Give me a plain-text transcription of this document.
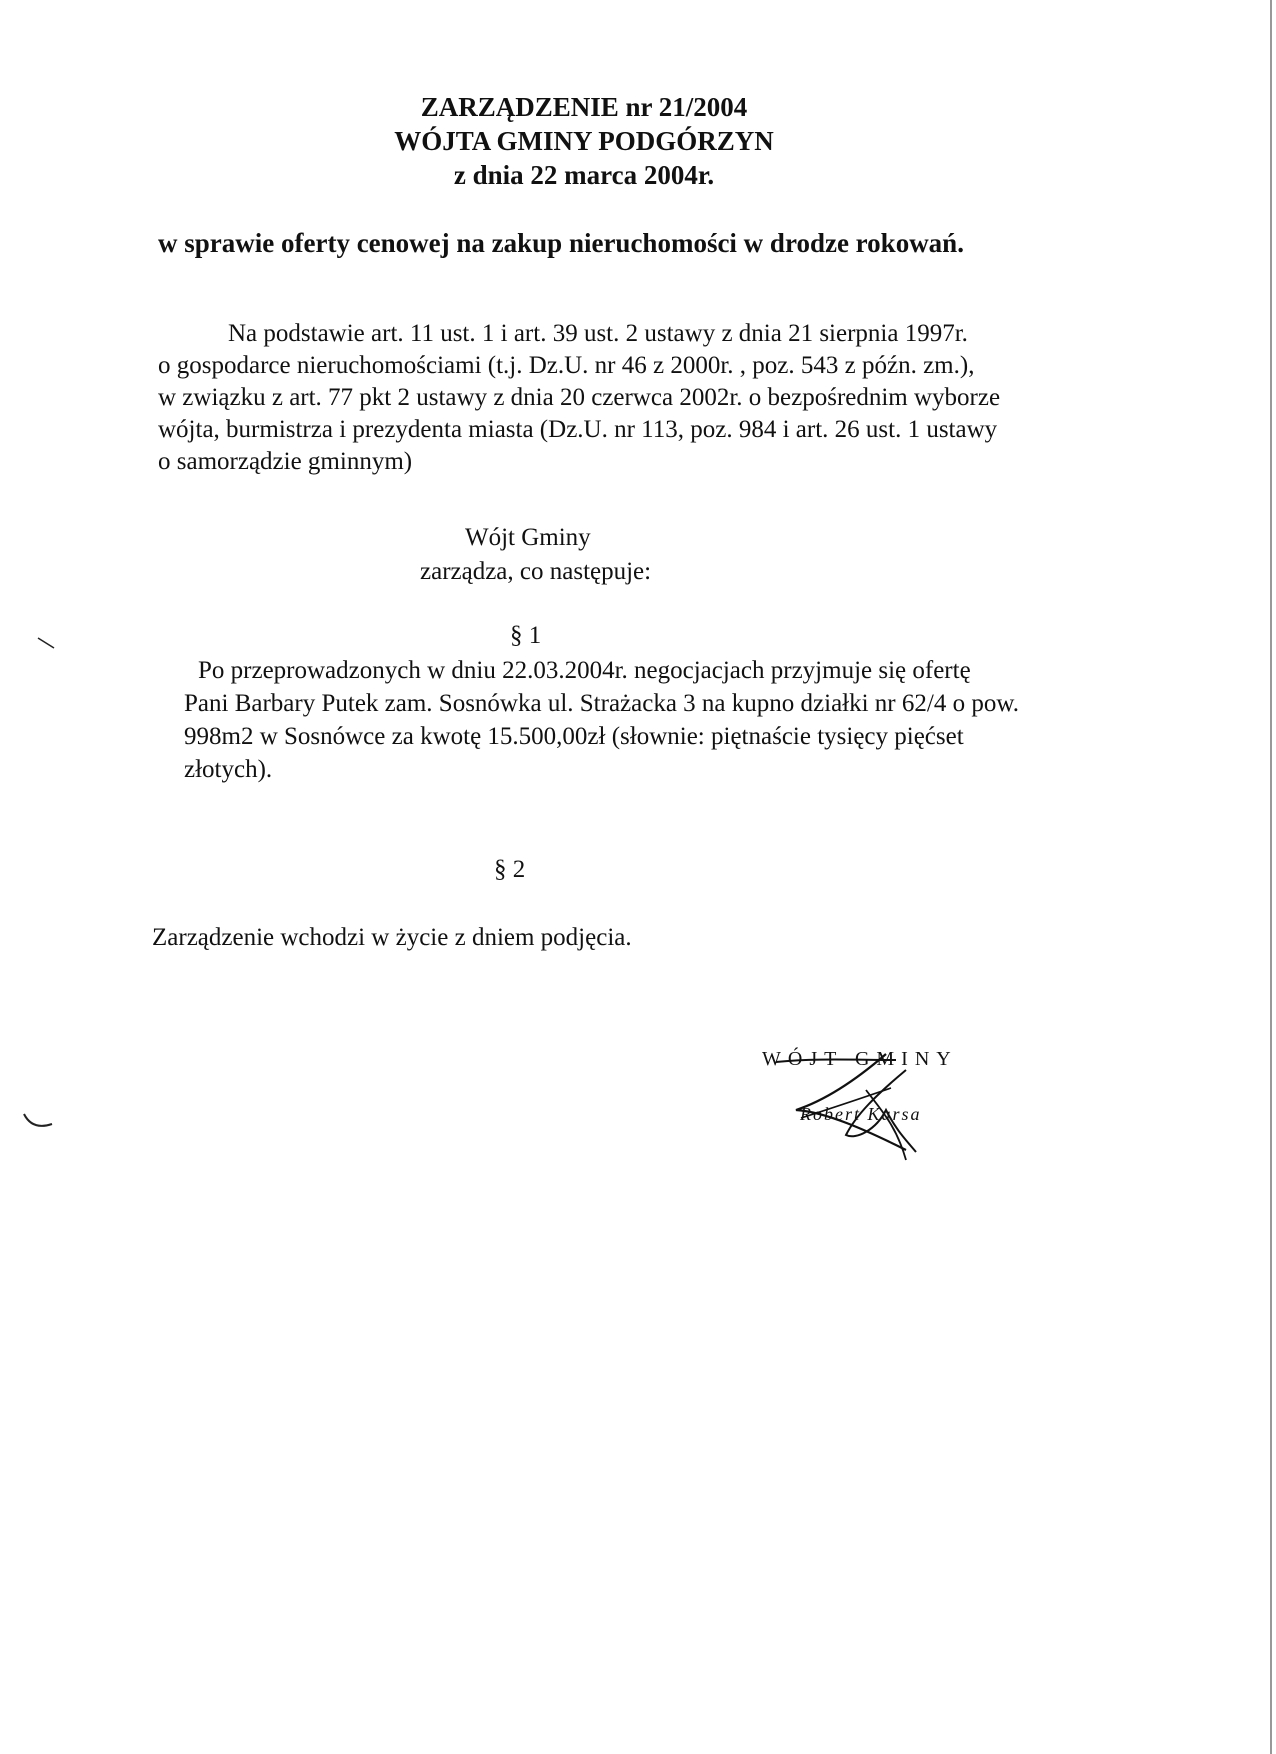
ZARZĄDZENIE nr 21/2004
WÓJTA GMINY PODGÓRZYN
z dnia 22 marca 2004r.
w sprawie oferty cenowej na zakup nieruchomości w drodze rokowań.
Na podstawie art. 11 ust. 1 i art. 39 ust. 2 ustawy z dnia 21 sierpnia 1997r.
o gospodarce nieruchomościami (t.j. Dz.U. nr 46 z 2000r. , poz. 543 z późn. zm.),
w związku z art. 77 pkt 2 ustawy z dnia 20 czerwca 2002r. o bezpośrednim wyborze
wójta, burmistrza i prezydenta miasta (Dz.U. nr 113, poz. 984 i art. 26 ust. 1 ustawy
o samorządzie gminnym)
Wójt Gminy
zarządza, co następuje:
§ 1
Po przeprowadzonych w dniu 22.03.2004r. negocjacjach przyjmuje się ofertę
Pani Barbary Putek zam. Sosnówka ul. Strażacka 3 na kupno działki nr 62/4 o pow.
998m2 w Sosnówce za kwotę 15.500,00zł (słownie: piętnaście tysięcy pięćset
złotych).
§ 2
Zarządzenie wchodzi w życie z dniem podjęcia.
WÓJT GMINY
Robert Karsa
